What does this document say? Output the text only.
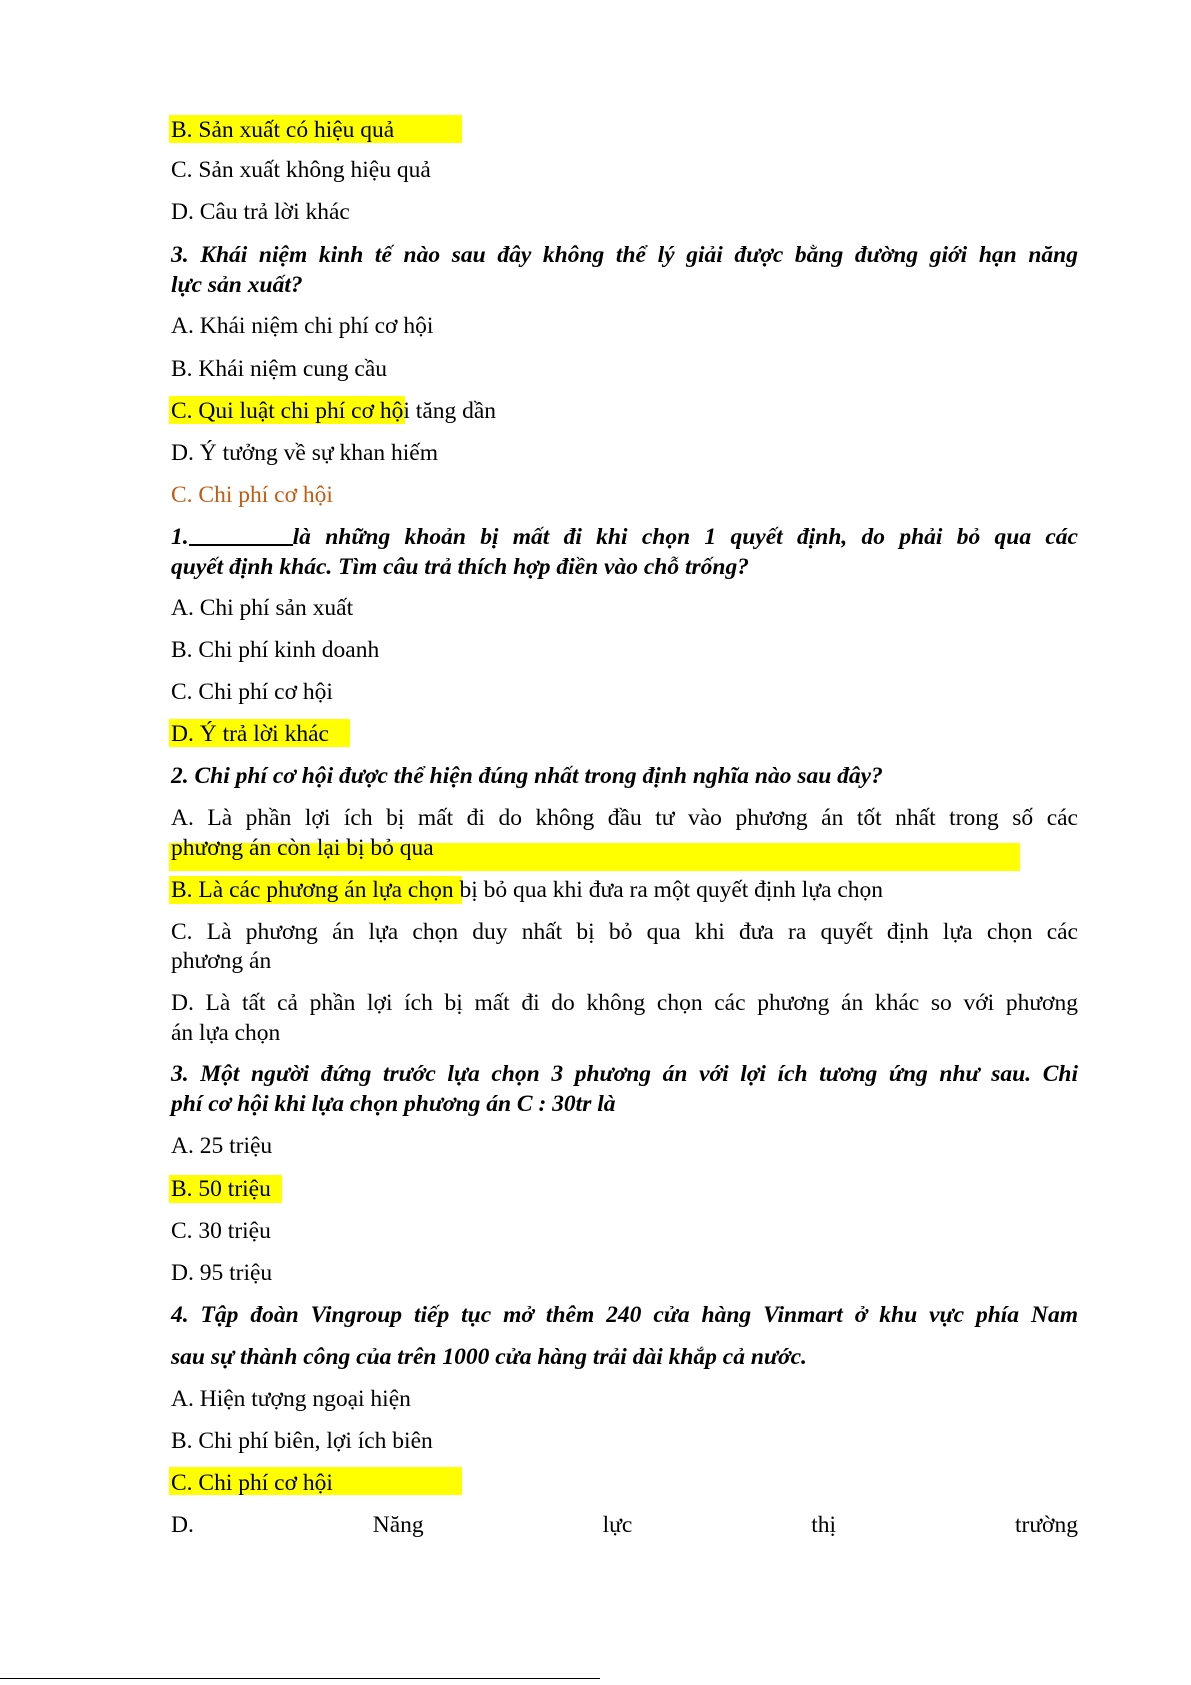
B. Sản xuất có hiệu quả
C. Sản xuất không hiệu quả
D. Câu trả lời khác
3. Khái niệm kinh tế nào sau đây không thể lý giải được bằng đường giới hạn năng
lực sản xuất?
A. Khái niệm chi phí cơ hội
B. Khái niệm cung cầu
C. Qui luật chi phí cơ hội tăng dần
D. Ý tưởng về sự khan hiếm
C. Chi phí cơ hội
1.	là những khoản bị mất đi khi chọn 1 quyết định, do phải bỏ qua các
quyết định khác. Tìm câu trả thích hợp điền vào chỗ trống?
A. Chi phí sản xuất
B. Chi phí kinh doanh
C. Chi phí cơ hội
D. Ý trả lời khác
2. Chi phí cơ hội được thể hiện đúng nhất trong định nghĩa nào sau đây?
A. Là phần lợi ích bị mất đi do không đầu tư vào phương án tốt nhất trong số các
phương án còn lại bị bỏ qua
B. Là các phương án lựa chọn bị bỏ qua khi đưa ra một quyết định lựa chọn
C. Là phương án lựa chọn duy nhất bị bỏ qua khi đưa ra quyết định lựa chọn các
phương án
D. Là tất cả phần lợi ích bị mất đi do không chọn các phương án khác so với phương
án lựa chọn
3. Một người đứng trước lựa chọn 3 phương án với lợi ích tương ứng như sau. Chi
phí cơ hội khi lựa chọn phương án C : 30tr là
A. 25 triệu
B. 50 triệu
C. 30 triệu
D. 95 triệu
4. Tập đoàn Vingroup tiếp tục mở thêm 240 cửa hàng Vinmart ở khu vực phía Nam
sau sự thành công của trên 1000 cửa hàng trải dài khắp cả nước.
A. Hiện tượng ngoại hiện
B. Chi phí biên, lợi ích biên
C. Chi phí cơ hội
D.	Năng	lực	thị	trường
